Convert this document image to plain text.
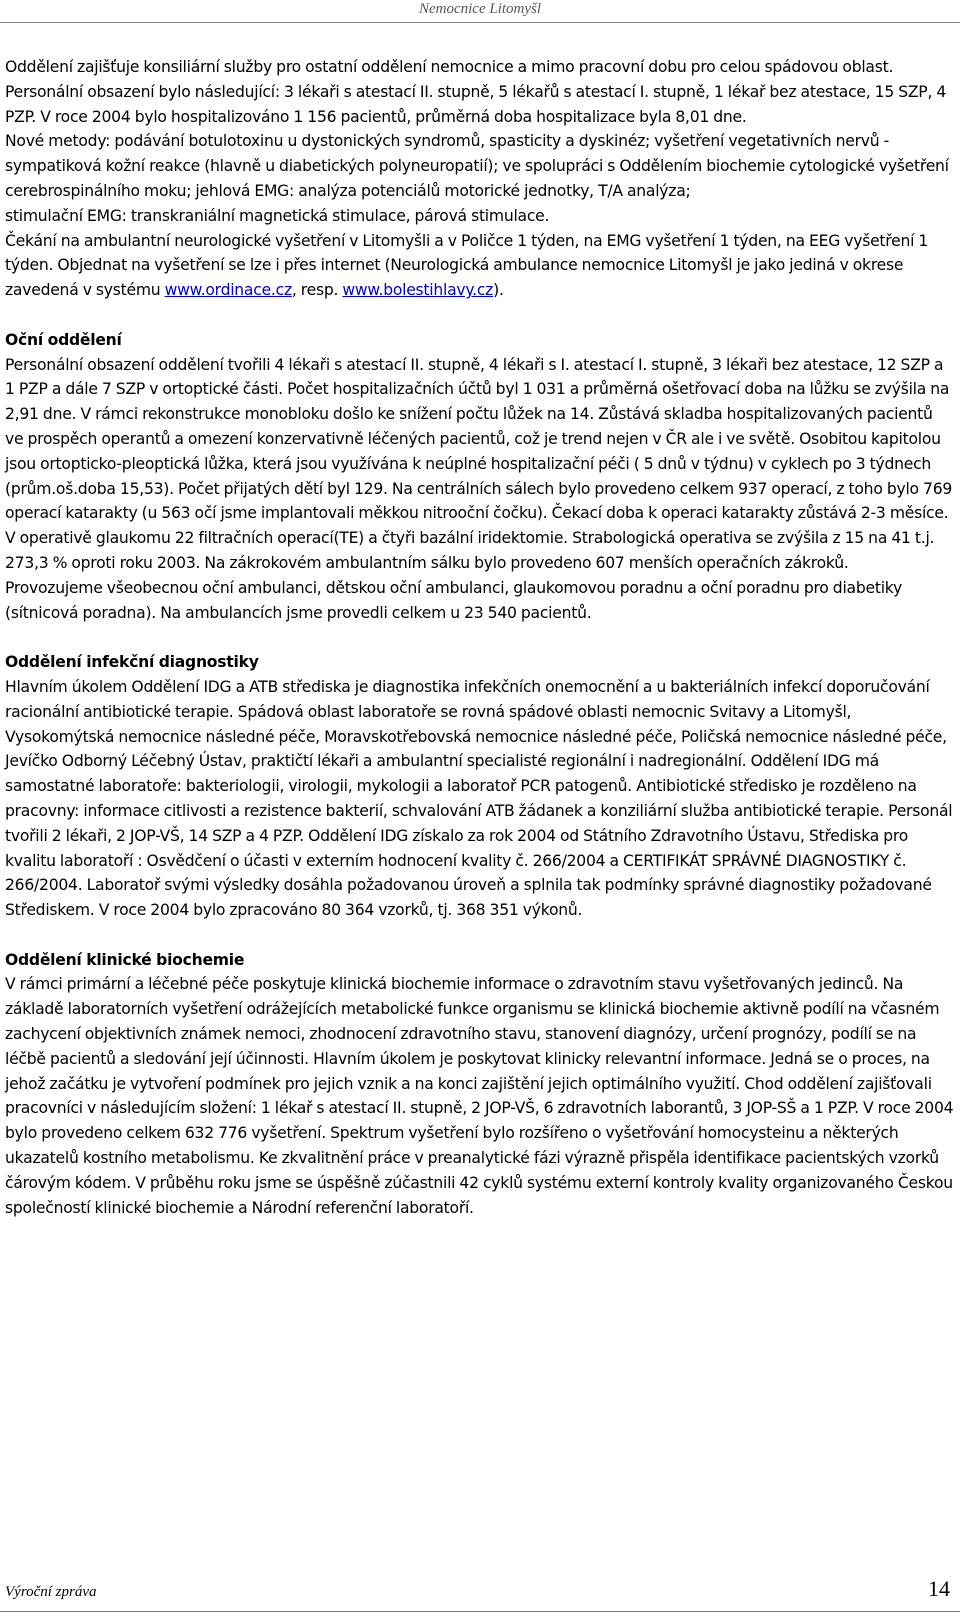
Nemocnice Litomyšl

Oddělení zajišťuje konsiliární služby pro ostatní oddělení nemocnice a mimo pracovní dobu pro celou spádovou oblast.

Personální obsazení bylo následující: 3 lékaři s atestací II. stupně, 5 lékařů s atestací I. stupně, 1 lékař bez atestace, 15 SZP, 4 PZP. V roce 2004 bylo hospitalizováno 1 156 pacientů, průměrná doba hospitalizace byla 8,01 dne.

Nové metody: podávání botulotoxinu u dystonických syndromů, spasticity a dyskinéz; vyšetření vegetativních nervů - sympatiková kožní reakce (hlavně u diabetických polyneuropatií); ve spolupráci s Oddělením biochemie cytologické vyšetření cerebrospinálního moku; jehlová EMG: analýza potenciálů motorické jednotky, T/A analýza;

stimulační EMG: transkraniální magnetická stimulace, párová stimulace.

Čekání na ambulantní neurologické vyšetření v Litomyšli a v Poličce 1 týden, na EMG vyšetření 1 týden, na EEG vyšetření 1 týden. Objednat na vyšetření se lze i přes internet (Neurologická ambulance nemocnice Litomyšl je jako jediná v okrese zavedená v systému www.ordinace.cz, resp. www.bolestihlavy.cz).

Oční oddělení

Personální obsazení oddělení tvořili 4 lékaři s atestací II. stupně, 4 lékaři s I. atestací I. stupně, 3 lékaři bez atestace, 12 SZP a 1 PZP a dále 7 SZP v ortoptické části. Počet hospitalizačních účtů byl 1 031 a průměrná ošetřovací doba na lůžku se zvýšila na 2,91 dne. V rámci rekonstrukce monobloku došlo ke snížení počtu lůžek na 14. Zůstává skladba hospitalizovaných pacientů ve prospěch operantů a omezení konzervativně léčených pacientů, což je trend nejen v ČR ale i ve světě. Osobitou kapitolou jsou ortopticko-pleoptická lůžka, která jsou využívána k neúplné hospitalizační péči ( 5 dnů v týdnu) v cyklech po 3 týdnech (prům.oš.doba 15,53). Počet přijatých dětí byl 129. Na centrálních sálech bylo provedeno celkem 937 operací, z toho bylo 769 operací katarakty (u 563 očí jsme implantovali měkkou nitrooční čočku). Čekací doba k operaci katarakty zůstává 2-3 měsíce. V operativě glaukomu 22 filtračních operací(TE) a čtyři bazální iridektomie. Strabologická operativa se zvýšila z 15 na 41 t.j. 273,3 % oproti roku 2003. Na zákrokovém ambulantním sálku bylo provedeno 607 menších operačních zákroků.

Provozujeme všeobecnou oční ambulanci, dětskou oční ambulanci, glaukomovou poradnu a oční poradnu pro diabetiky (sítnicová poradna). Na ambulancích jsme provedli celkem u 23 540 pacientů.

Oddělení infekční diagnostiky

Hlavním úkolem Oddělení IDG a ATB střediska je diagnostika infekčních onemocnění a u bakteriálních infekcí doporučování racionální antibiotické terapie. Spádová oblast laboratoře se rovná spádové oblasti nemocnic Svitavy a Litomyšl, Vysokomýtská nemocnice následné péče, Moravskotřebovská nemocnice následné péče, Poličská nemocnice následné péče, Jevíčko Odborný Léčebný Ústav, praktičtí lékaři a ambulantní specialisté regionální i nadregionální. Oddělení IDG má samostatné laboratoře: bakteriologii, virologii, mykologii a laboratoř PCR patogenů. Antibiotické středisko je rozděleno na pracovny: informace citlivosti a rezistence bakterií, schvalování ATB žádanek a konziliární služba antibiotické terapie. Personál tvořili 2 lékaři, 2 JOP-VŠ, 14 SZP a 4 PZP. Oddělení IDG získalo za rok 2004 od Státního Zdravotního Ústavu, Střediska pro kvalitu laboratoří : Osvědčení o účasti v externím hodnocení kvality č. 266/2004 a CERTIFIKÁT SPRÁVNÉ DIAGNOSTIKY č. 266/2004. Laboratoř svými výsledky dosáhla požadovanou úroveň a splnila tak podmínky správné diagnostiky požadované Střediskem. V roce 2004 bylo zpracováno 80 364 vzorků, tj. 368 351 výkonů.

Oddělení klinické biochemie

V rámci primární a léčebné péče poskytuje klinická biochemie informace o zdravotním stavu vyšetřovaných jedinců. Na základě laboratorních vyšetření odrážejících metabolické funkce organismu se klinická biochemie aktivně podílí na včasném zachycení objektivních známek nemoci, zhodnocení zdravotního stavu, stanovení diagnózy, určení prognózy, podílí se na léčbě pacientů a sledování její účinnosti. Hlavním úkolem je poskytovat klinicky relevantní informace. Jedná se o proces, na jehož začátku je vytvoření podmínek pro jejich vznik a na konci zajištění jejich optimálního využití. Chod oddělení zajišťovali pracovníci v následujícím složení: 1 lékař s atestací II. stupně, 2 JOP-VŠ, 6 zdravotních laborantů, 3 JOP-SŠ a 1 PZP. V roce 2004 bylo provedeno celkem 632 776 vyšetření. Spektrum vyšetření bylo rozšířeno o vyšetřování homocysteinu a některých ukazatelů kostního metabolismu. Ke zkvalitnění práce v preanalytické fázi výrazně přispěla identifikace pacientských vzorků čárovým kódem. V průběhu roku jsme se úspěšně zúčastnili 42 cyklů systému externí kontroly kvality organizovaného Českou společností klinické biochemie a Národní referenční laboratoří.

Výroční zpráva	14
